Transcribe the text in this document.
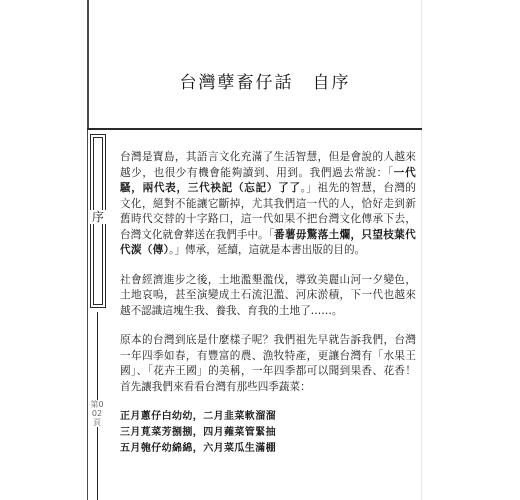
台灣孽畜仔話　自序
序
第002頁

台灣是寶島，其語言文化充滿了生活智慧，但是會說的人越來越少，也很少有機會能夠讀到、用到。我們過去常說：「一代騷，兩代表，三代袂記（忘記）了了。」祖先的智慧，台灣的文化，絕對不能讓它斷掉，尤其我們這一代的人，恰好走到新舊時代交替的十字路口，這一代如果不把台灣文化傳承下去，台灣文化就會葬送在我們手中。「番薯毋驚落土爛，只望枝葉代代湠（傳）。」傳承，延續，這就是本書出版的目的。

社會經濟進步之後，土地濫墾濫伐，導致美麗山河一夕變色，土地哀嗚，甚至演變成土石流氾濫、河床淤積，下一代也越來越不認識這塊生我、養我、育我的土地了……。

原本的台灣到底是什麼樣子呢？我們祖先早就告訴我們，台灣一年四季如春，有豐富的農、漁牧特產，更讓台灣有「水果王國」、「花卉王國」的美稱，一年四季都可以聞到果香、花香！首先讓我們來看看台灣有那些四季蔬菜：

正月蔥仔白幼幼，二月韭菜軟溜溜
三月莧菜芳捌捌，四月蕹菜管緊抽
五月匏仔幼綿綿，六月菜瓜生滿棚
